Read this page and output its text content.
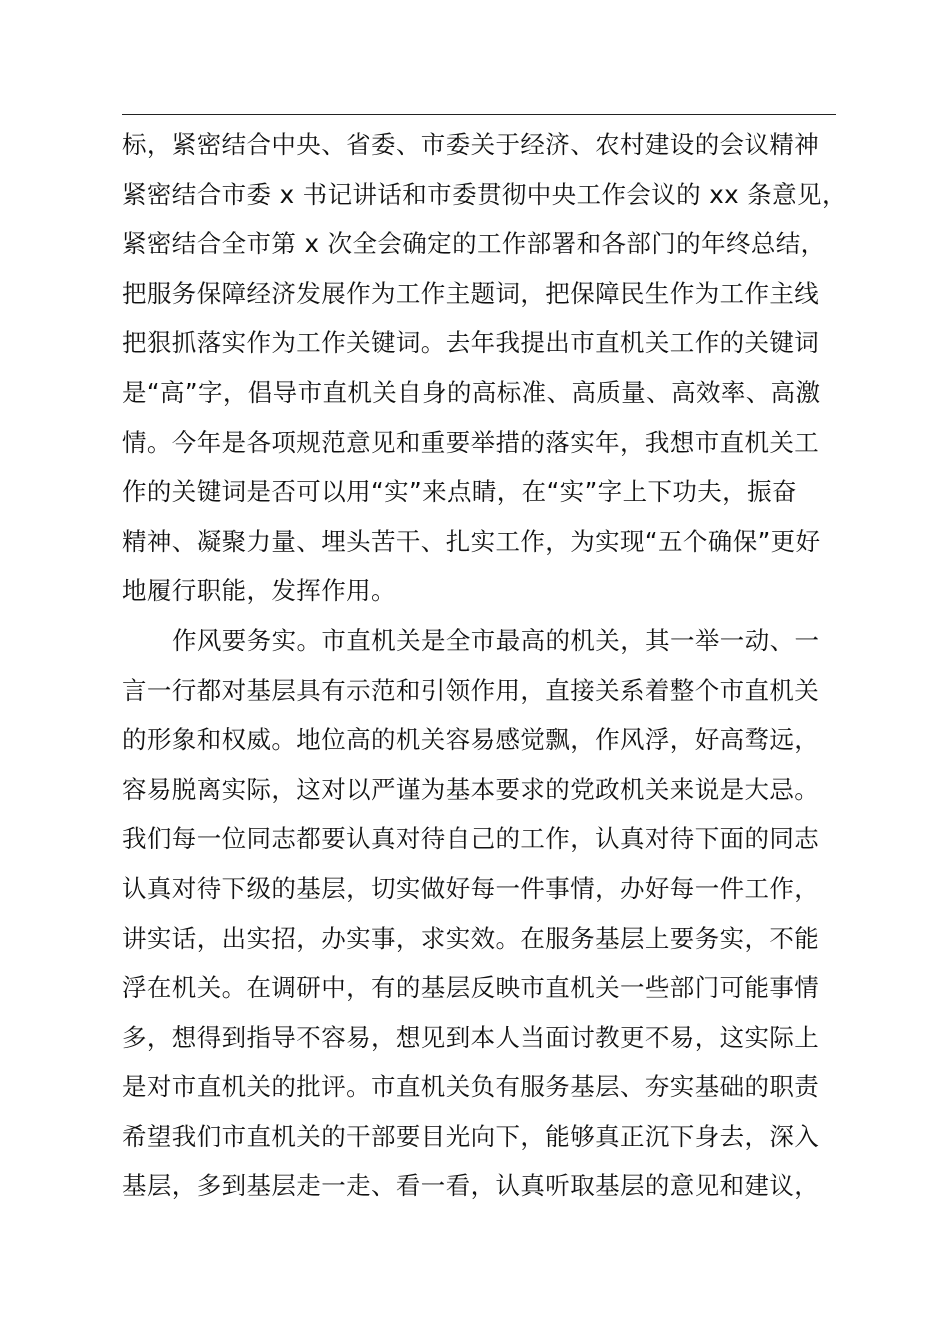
标，紧密结合中央、省委、市委关于经济、农村建设的会议精神
紧密结合市委 x 书记讲话和市委贯彻中央工作会议的 xx 条意见，
紧密结合全市第 x 次全会确定的工作部署和各部门的年终总结，
把服务保障经济发展作为工作主题词，把保障民生作为工作主线
把狠抓落实作为工作关键词。去年我提出市直机关工作的关键词
是“高”字，倡导市直机关自身的高标准、高质量、高效率、高激
情。今年是各项规范意见和重要举措的落实年，我想市直机关工
作的关键词是否可以用“实”来点睛，在“实”字上下功夫，振奋
精神、凝聚力量、埋头苦干、扎实工作，为实现“五个确保”更好
地履行职能，发挥作用。
作风要务实。市直机关是全市最高的机关，其一举一动、一
言一行都对基层具有示范和引领作用，直接关系着整个市直机关
的形象和权威。地位高的机关容易感觉飘，作风浮，好高骛远，
容易脱离实际，这对以严谨为基本要求的党政机关来说是大忌。
我们每一位同志都要认真对待自己的工作，认真对待下面的同志
认真对待下级的基层，切实做好每一件事情，办好每一件工作，
讲实话，出实招，办实事，求实效。在服务基层上要务实，不能
浮在机关。在调研中，有的基层反映市直机关一些部门可能事情
多，想得到指导不容易，想见到本人当面讨教更不易，这实际上
是对市直机关的批评。市直机关负有服务基层、夯实基础的职责
希望我们市直机关的干部要目光向下，能够真正沉下身去，深入
基层，多到基层走一走、看一看，认真听取基层的意见和建议，
